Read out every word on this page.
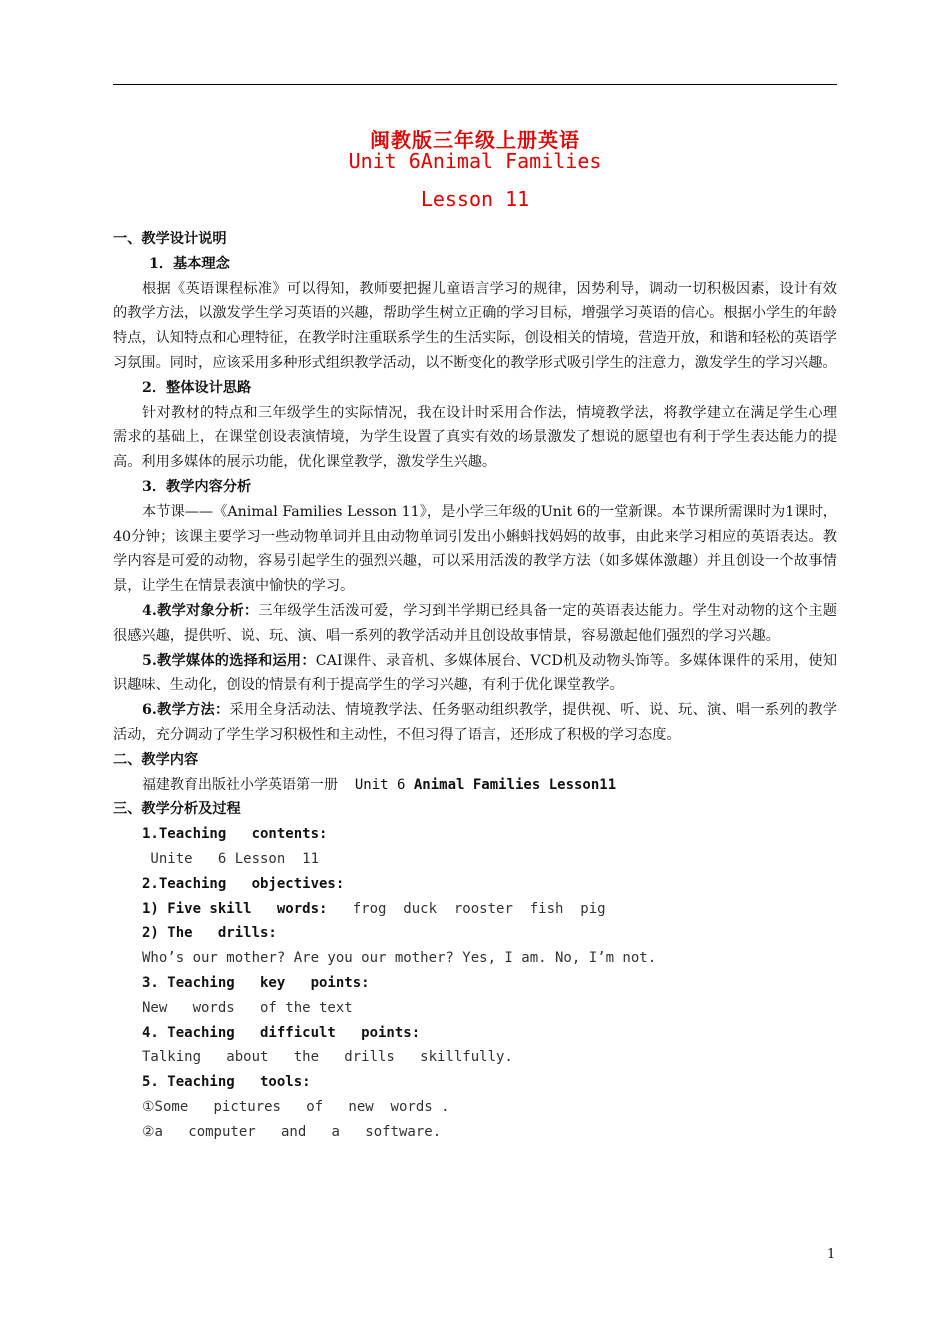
闽教版三年级上册英语
Unit 6Animal Families
Lesson 11

一、教学设计说明

1．基本理念

根据《英语课程标准》可以得知，教师要把握儿童语言学习的规律，因势利导，调动一切积极因素，设计有效的教学方法，以激发学生学习英语的兴趣，帮助学生树立正确的学习目标，增强学习英语的信心。根据小学生的年龄特点，认知特点和心理特征，在教学时注重联系学生的生活实际，创设相关的情境，营造开放，和谐和轻松的英语学习氛围。同时，应该采用多种形式组织教学活动，以不断变化的教学形式吸引学生的注意力，激发学生的学习兴趣。

2．整体设计思路

针对教材的特点和三年级学生的实际情况，我在设计时采用合作法，情境教学法，将教学建立在满足学生心理需求的基础上，在课堂创设表演情境，为学生设置了真实有效的场景激发了想说的愿望也有利于学生表达能力的提高。利用多媒体的展示功能，优化课堂教学，激发学生兴趣。

3．教学内容分析

本节课——《Animal Families Lesson 11》，是小学三年级的Unit 6的一堂新课。本节课所需课时为1课时，40分钟；该课主要学习一些动物单词并且由动物单词引发出小蝌蚪找妈妈的故事，由此来学习相应的英语表达。教学内容是可爱的动物，容易引起学生的强烈兴趣，可以采用活泼的教学方法（如多媒体激趣）并且创设一个故事情景，让学生在情景表演中愉快的学习。

4.教学对象分析：三年级学生活泼可爱，学习到半学期已经具备一定的英语表达能力。学生对动物的这个主题很感兴趣，提供听、说、玩、演、唱一系列的教学活动并且创设故事情景，容易激起他们强烈的学习兴趣。

5.教学媒体的选择和运用：CAI课件、录音机、多媒体展台、VCD机及动物头饰等。多媒体课件的采用，使知识趣味、生动化，创设的情景有利于提高学生的学习兴趣，有利于优化课堂教学。

6.教学方法：采用全身活动法、情境教学法、任务驱动组织教学，提供视、听、说、玩、演、唱一系列的教学活动，充分调动了学生学习积极性和主动性，不但习得了语言，还形成了积极的学习态度。

二、教学内容

福建教育出版社小学英语第一册  Unit 6 Animal Families Lesson11

三、教学分析及过程

1.Teaching   contents:

Unite   6 Lesson  11

2.Teaching   objectives:

1) Five skill   words:   frog  duck  rooster  fish  pig

2) The   drills:

Who’s our mother? Are you our mother? Yes, I am. No, I’m not.

3. Teaching   key   points:

New   words   of the text

4. Teaching   difficult   points:

Talking   about   the   drills   skillfully.

5. Teaching   tools:

①Some   pictures   of   new  words .

②a   computer   and   a   software.

1
